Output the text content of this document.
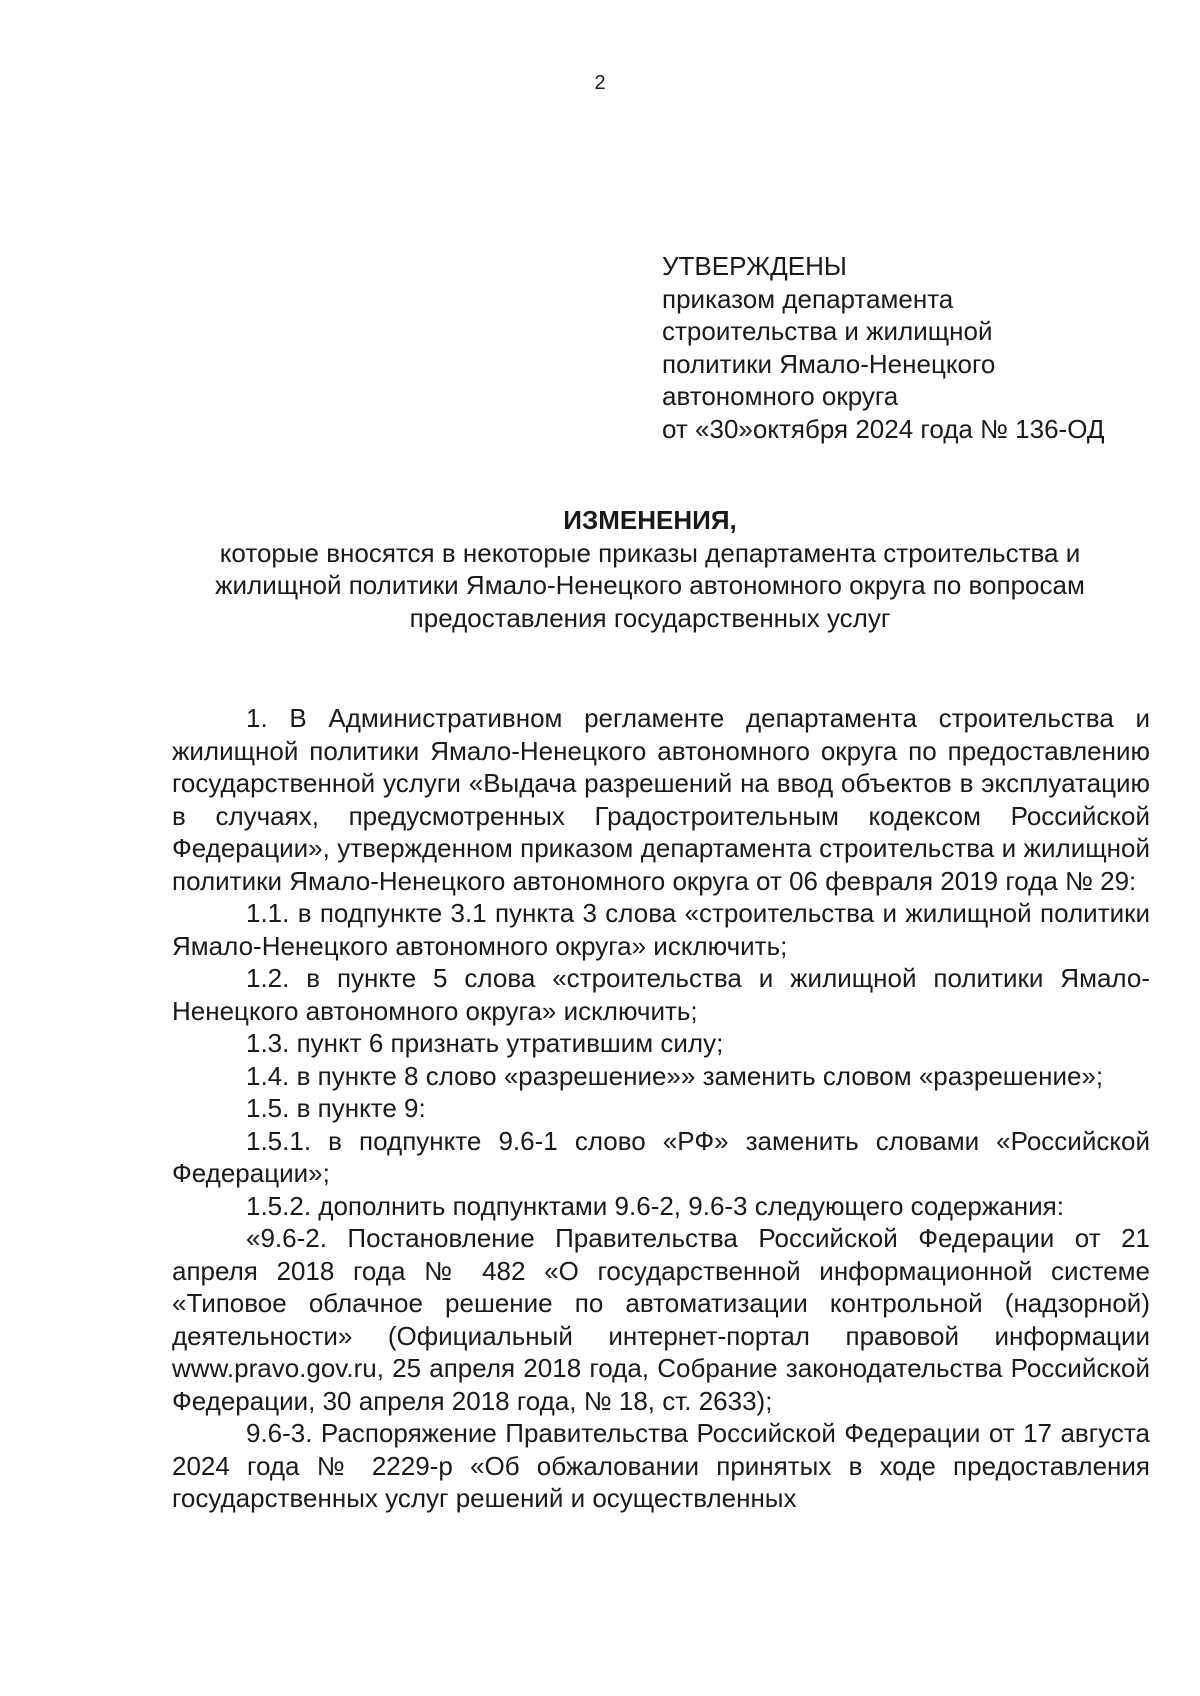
2
УТВЕРЖДЕНЫ
приказом департамента
строительства и жилищной
политики Ямало-Ненецкого
автономного округа
от «30»октября 2024 года № 136-ОД
ИЗМЕНЕНИЯ,
которые вносятся в некоторые приказы департамента строительства и
жилищной политики Ямало-Ненецкого автономного округа по вопросам
предоставления государственных услуг

1. В Административном регламенте департамента строительства и жилищной политики Ямало-Ненецкого автономного округа по предоставлению государственной услуги «Выдача разрешений на ввод объектов в эксплуатацию в случаях, предусмотренных Градостроительным кодексом Российской Федерации», утвержденном приказом департамента строительства и жилищной политики Ямало-Ненецкого автономного округа от 06 февраля 2019 года № 29:

1.1. в подпункте 3.1 пункта 3 слова «строительства и жилищной политики Ямало-Ненецкого автономного округа» исключить;

1.2. в пункте 5 слова «строительства и жилищной политики Ямало-Ненецкого автономного округа» исключить;

1.3. пункт 6 признать утратившим силу;

1.4. в пункте 8 слово «разрешение»» заменить словом «разрешение»;

1.5. в пункте 9:

1.5.1. в подпункте 9.6-1 слово «РФ» заменить словами «Российской Федерации»;

1.5.2. дополнить подпунктами 9.6-2, 9.6-3 следующего содержания:

«9.6-2. Постановление Правительства Российской Федерации от 21 апреля 2018 года № 482 «О государственной информационной системе «Типовое облачное решение по автоматизации контрольной (надзорной) деятельности» (Официальный интернет-портал правовой информации www.pravo.gov.ru, 25 апреля 2018 года, Собрание законодательства Российской Федерации, 30 апреля 2018 года, № 18, ст. 2633);

9.6-3. Распоряжение Правительства Российской Федерации от 17 августа 2024 года № 2229-р «Об обжаловании принятых в ходе предоставления государственных услуг решений и осуществленных
